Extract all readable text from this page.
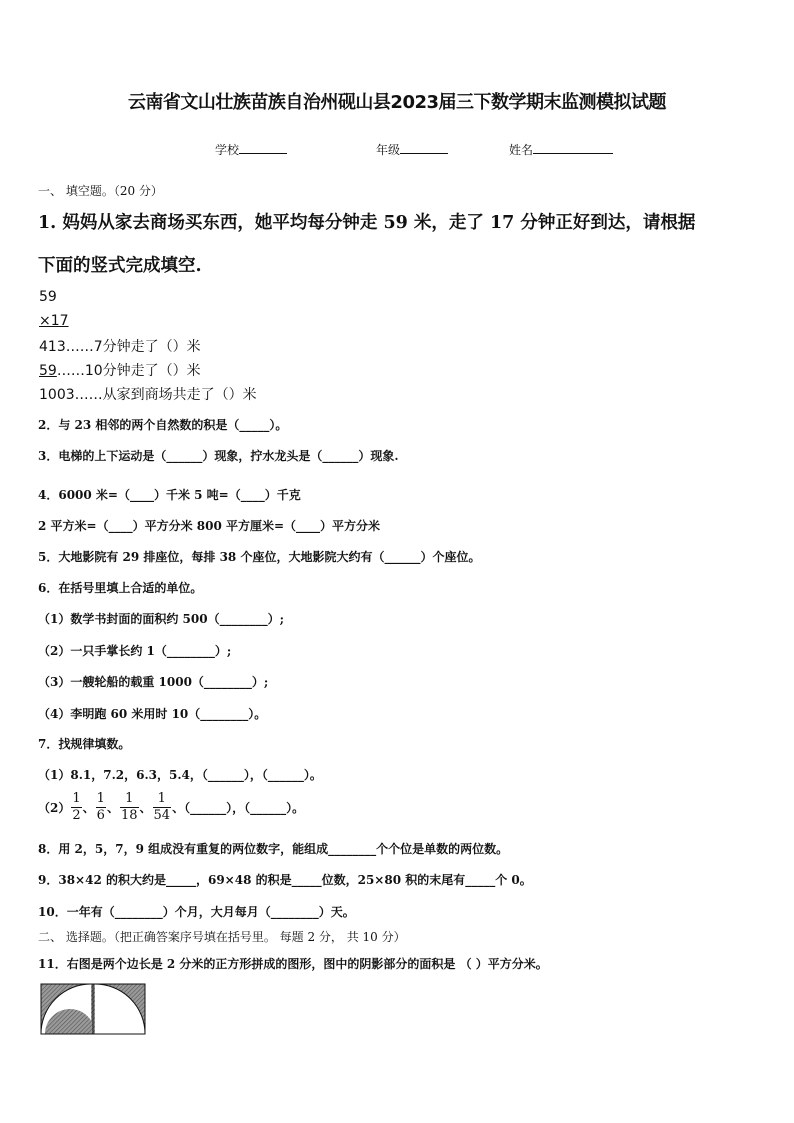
云南省文山壮族苗族自治州砚山县2023届三下数学期末监测模拟试题
学校	年级	姓名
一、 填空题。（20 分）
1. 妈妈从家去商场买东西，她平均每分钟走 59 米，走了 17 分钟正好到达，请根据
下面的竖式完成填空.
59
×17
413……7分钟走了（）米
59……10分钟走了（）米
1003……从家到商场共走了（）米
2．与 23 相邻的两个自然数的积是（_____）。
3．电梯的上下运动是（______）现象，拧水龙头是（______）现象.
4．6000 米=（____）千米 5 吨=（____）千克
2 平方米=（____）平方分米 800 平方厘米=（____）平方分米
5．大地影院有 29 排座位，每排 38 个座位，大地影院大约有（______）个座位。
6．在括号里填上合适的单位。
（1）数学书封面的面积约 500（________）;
（2）一只手掌长约 1（________）;
（3）一艘轮船的载重 1000（________）;
（4）李明跑 60 米用时 10（________）。
7．找规律填数。
（1）8.1，7.2，6.3，5.4，（______），（______）。
$(2) \frac{1}{2}$ 、 $\frac{1}{6}$ 、 $\frac{1}{18}$ 、 $\frac{1}{54}$ 、（______），（______）。
8．用 2，5，7，9 组成没有重复的两位数字，能组成________个个位是单数的两位数。
9．38×42 的积大约是_____，69×48 的积是_____位数，25×80 积的末尾有_____个 0。
10．一年有（________）个月，大月每月（________）天。
二、 选择题。（把正确答案序号填在括号里。 每题 2 分， 共 10 分）
11．右图是两个边长是 2 分米的正方形拼成的图形，图中的阴影部分的面积是 （ ）平方分米。
